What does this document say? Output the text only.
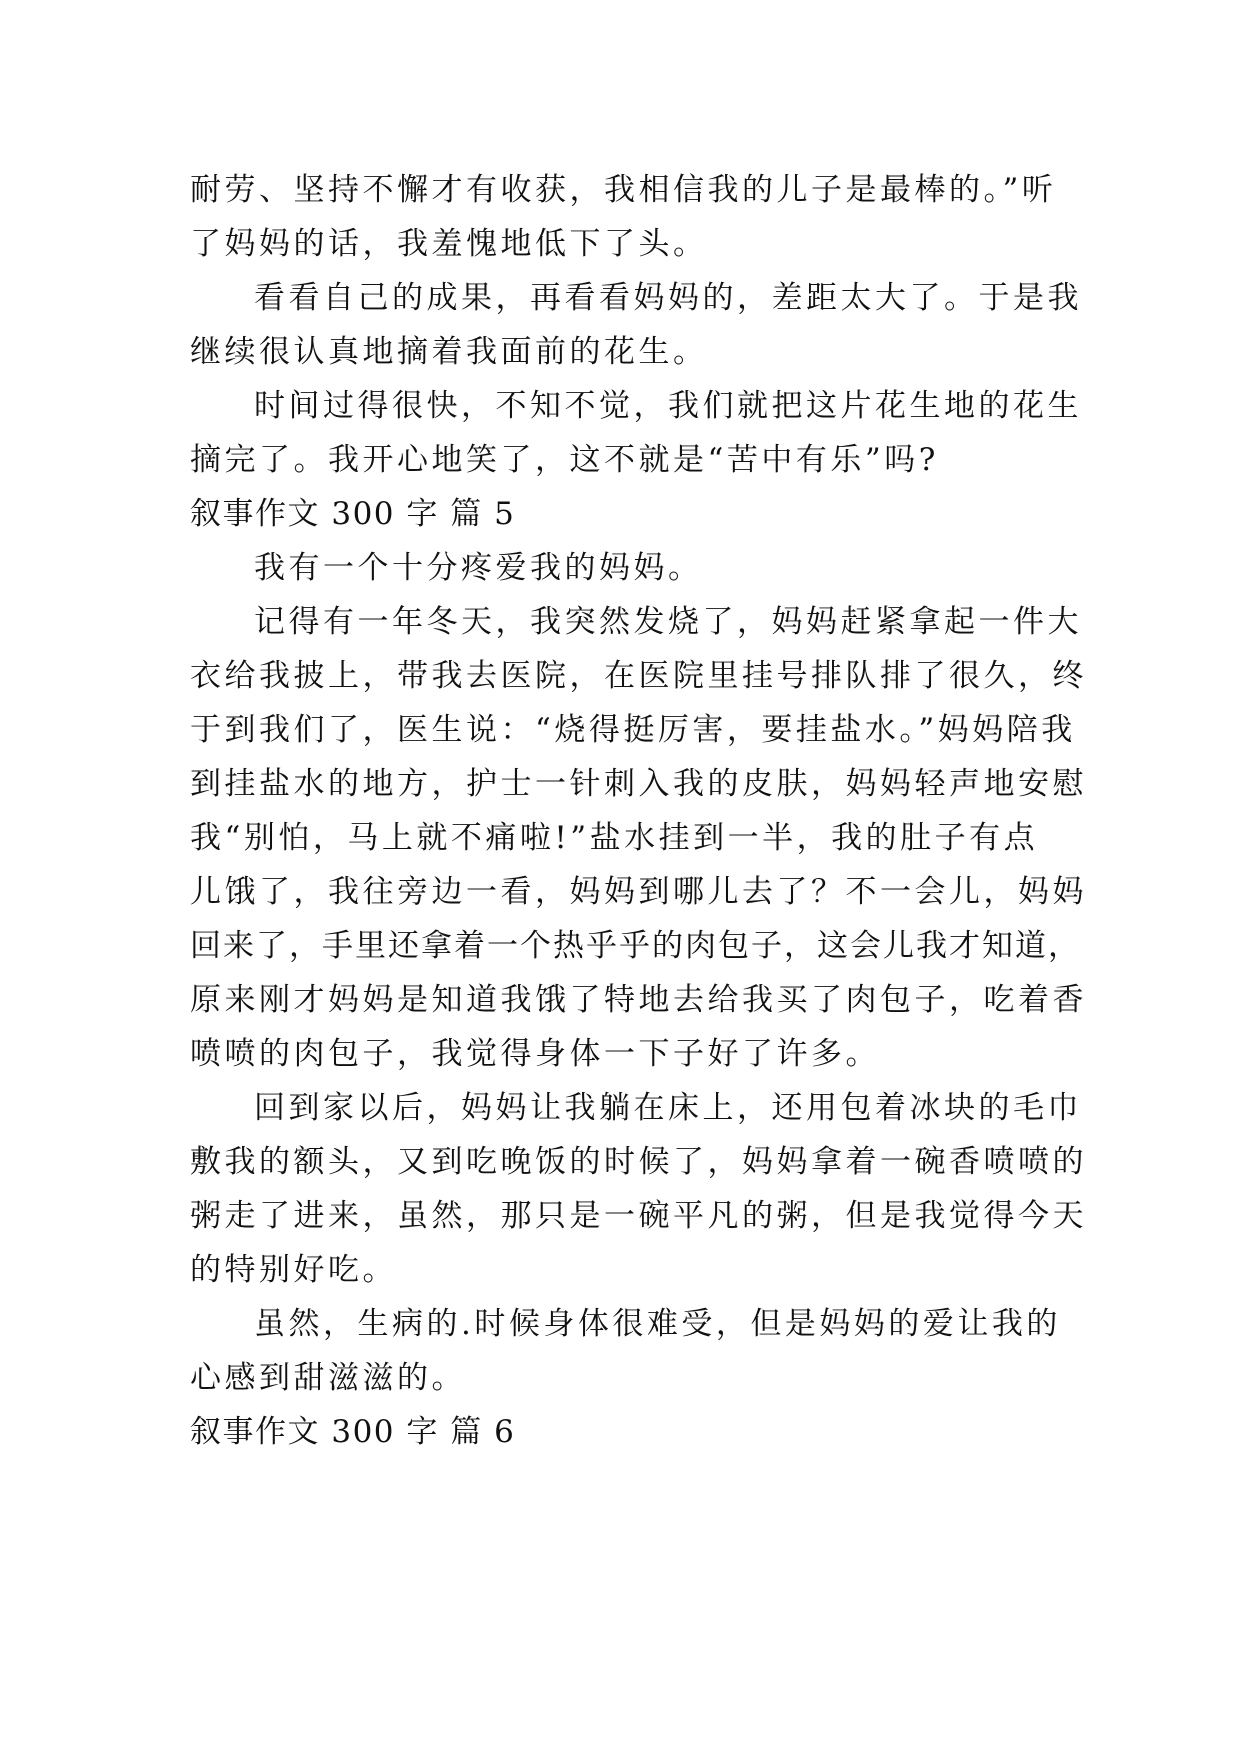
耐劳、坚持不懈才有收获，我相信我的儿子是最棒的。”听
了妈妈的话，我羞愧地低下了头。
看看自己的成果，再看看妈妈的，差距太大了。于是我
继续很认真地摘着我面前的花生。
时间过得很快，不知不觉，我们就把这片花生地的花生
摘完了。我开心地笑了，这不就是“苦中有乐”吗?
叙事作文 300 字 篇 5
我有一个十分疼爱我的妈妈。
记得有一年冬天，我突然发烧了，妈妈赶紧拿起一件大
衣给我披上，带我去医院，在医院里挂号排队排了很久，终
于到我们了，医生说：“烧得挺厉害，要挂盐水。”妈妈陪我
到挂盐水的地方，护士一针刺入我的皮肤，妈妈轻声地安慰
我“别怕，马上就不痛啦!”盐水挂到一半，我的肚子有点
儿饿了，我往旁边一看，妈妈到哪儿去了？不一会儿，妈妈
回来了，手里还拿着一个热乎乎的肉包子，这会儿我才知道，
原来刚才妈妈是知道我饿了特地去给我买了肉包子，吃着香
喷喷的肉包子，我觉得身体一下子好了许多。
回到家以后，妈妈让我躺在床上，还用包着冰块的毛巾
敷我的额头，又到吃晚饭的时候了，妈妈拿着一碗香喷喷的
粥走了进来，虽然，那只是一碗平凡的粥，但是我觉得今天
的特别好吃。
虽然，生病的.时候身体很难受，但是妈妈的爱让我的
心感到甜滋滋的。
叙事作文 300 字 篇 6
